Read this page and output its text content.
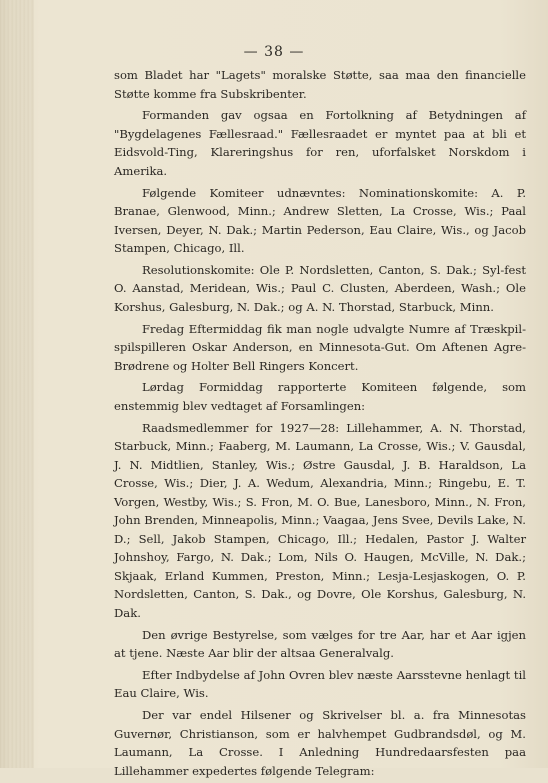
— 38 —

som Bladet har "Lagets" moralske Støtte, saa maa den financielle Støtte komme fra Subskribenter.

Formanden gav ogsaa en Fortolkning af Betydningen af "Bygdelagenes Fællesraad." Fællesraadet er myntet paa at bli et Eidsvold-Ting, Klareringshus for ren, uforfalsket Norskdom i Amerika.

Følgende Komiteer udnævntes: Nominationskomite: A. P. Branae, Glenwood, Minn.; Andrew Sletten, La Crosse, Wis.; Paal Iversen, Deyer, N. Dak.; Martin Pederson, Eau Claire, Wis., og Jacob Stampen, Chicago, Ill.

Resolutionskomite: Ole P. Nordsletten, Canton, S. Dak.; Syl-fest O. Aanstad, Meridean, Wis.; Paul C. Clusten, Aberdeen, Wash.; Ole Korshus, Galesburg, N. Dak.; og A. N. Thorstad, Starbuck, Minn.

Fredag Eftermiddag fik man nogle udvalgte Numre af Træskpil-spilspilleren Oskar Anderson, en Minnesota-Gut. Om Aftenen Agre-Brødrene og Holter Bell Ringers Koncert.

Lørdag Formiddag rapporterte Komiteen følgende, som enstemmig blev vedtaget af Forsamlingen:

Raadsmedlemmer for 1927—28: Lillehammer, A. N. Thorstad, Starbuck, Minn.; Faaberg, M. Laumann, La Crosse, Wis.; V. Gausdal, J. N. Midtlien, Stanley, Wis.; Østre Gausdal, J. B. Haraldson, La Crosse, Wis.; Dier, J. A. Wedum, Alexandria, Minn.; Ringebu, E. T. Vorgen, Westby, Wis.; S. Fron, M. O. Bue, Lanesboro, Minn., N. Fron, John Brenden, Minneapolis, Minn.; Vaagaa, Jens Svee, Devils Lake, N. D.; Sell, Jakob Stampen, Chicago, Ill.; Hedalen, Pastor J. Walter Johnshoy, Fargo, N. Dak.; Lom, Nils O. Haugen, McVille, N. Dak.; Skjaak, Erland Kummen, Preston, Minn.; Lesja-Lesjaskogen, O. P. Nordsletten, Canton, S. Dak., og Dovre, Ole Korshus, Galesburg, N. Dak.

Den øvrige Bestyrelse, som vælges for tre Aar, har et Aar igjen at tjene. Næste Aar blir der altsaa Generalvalg.

Efter Indbydelse af John Ovren blev næste Aarsstevne henlagt til Eau Claire, Wis.

Der var endel Hilsener og Skrivelser bl. a. fra Minnesotas Guvernør, Christianson, som er halvhempet Gudbrandsdøl, og M. Laumann, La Crosse. I Anledning Hundredaarsfesten paa Lillehammer expedertes følgende Telegram:
